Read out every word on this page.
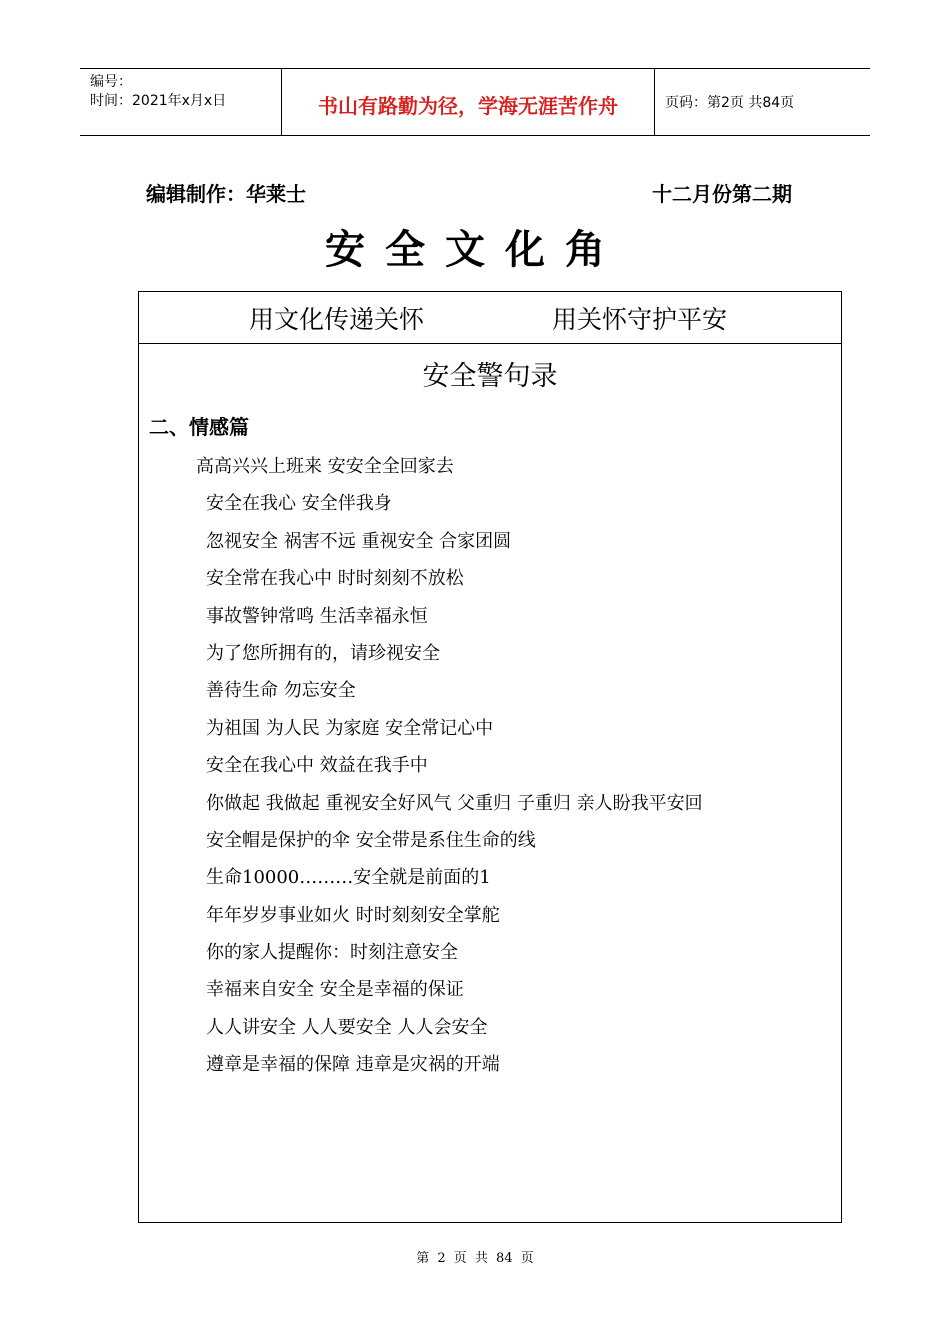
编号：
时间：2021年x月x日	书山有路勤为径，学海无涯苦作舟	页码：第2页 共84页
编辑制作：华莱士	十二月份第二期
安全文化角
用文化传递关怀	用关怀守护平安
安全警句录
二、情感篇
高高兴兴上班来 安安全全回家去
安全在我心 安全伴我身
忽视安全 祸害不远 重视安全 合家团圆
安全常在我心中 时时刻刻不放松
事故警钟常鸣 生活幸福永恒
为了您所拥有的，请珍视安全
善待生命 勿忘安全
为祖国 为人民 为家庭 安全常记心中
安全在我心中 效益在我手中
你做起 我做起 重视安全好风气 父重归 子重归 亲人盼我平安回
安全帽是保护的伞 安全带是系住生命的线
生命10000………安全就是前面的1
年年岁岁事业如火 时时刻刻安全掌舵
你的家人提醒你：时刻注意安全
幸福来自安全 安全是幸福的保证
人人讲安全 人人要安全 人人会安全
遵章是幸福的保障 违章是灾祸的开端
第 2 页 共 84 页
